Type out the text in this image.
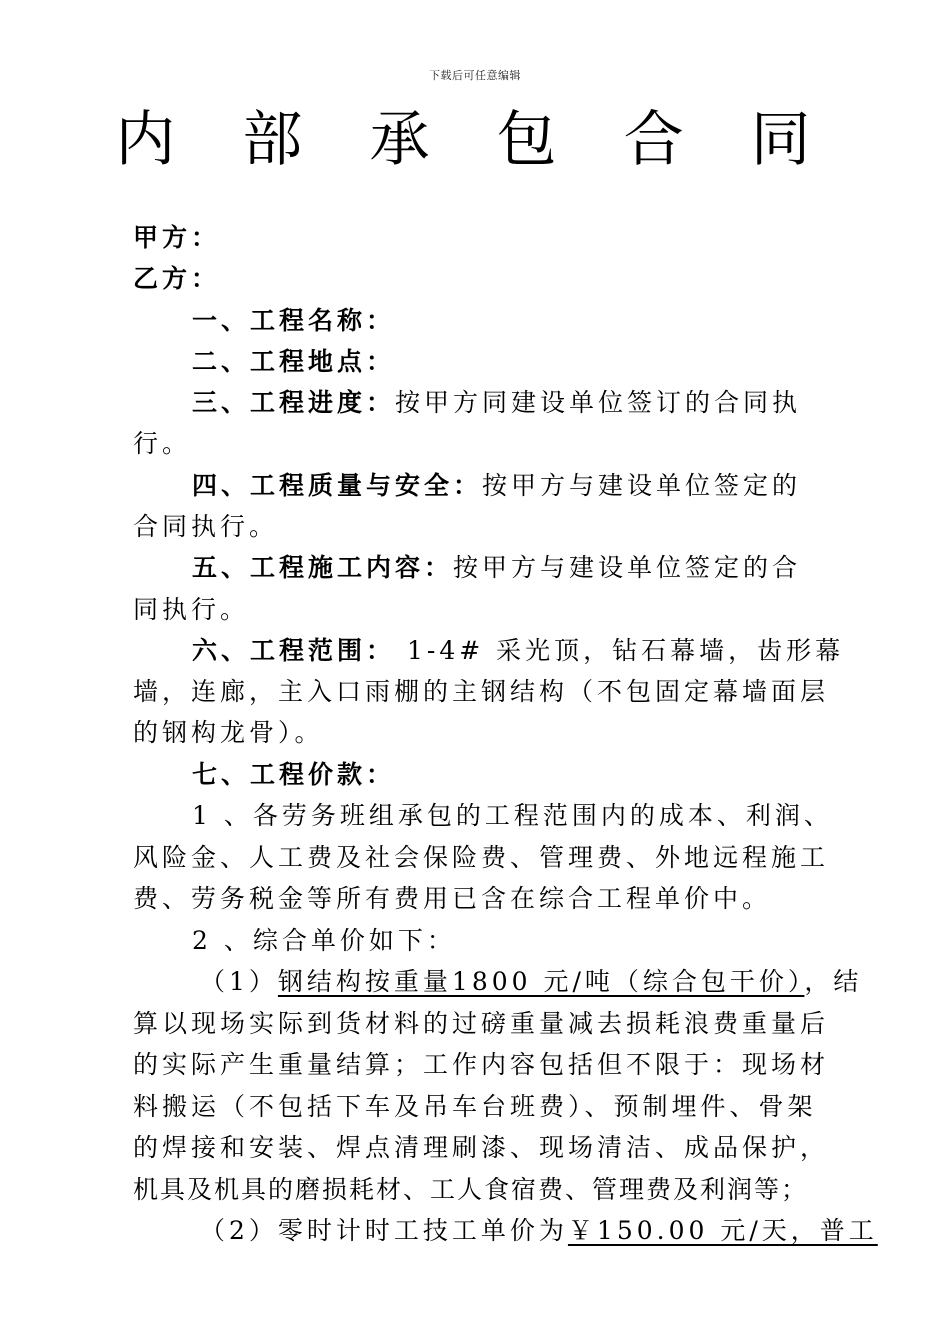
下载后可任意编辑
内 部 承 包 合 同
甲方：
乙方：
一、工程名称：
二、工程地点：
三、工程进度：按甲方同建设单位签订的合同执
行。
四、工程质量与安全：按甲方与建设单位签定的
合同执行。
五、工程施工内容：按甲方与建设单位签定的合
同执行。
六、工程范围： 1-4# 采光顶，钻石幕墙，齿形幕
墙，连廊，主入口雨棚的主钢结构（不包固定幕墙面层
的钢构龙骨）。
七、工程价款：
1 、各劳务班组承包的工程范围内的成本、利润、
风险金、人工费及社会保险费、管理费、外地远程施工
费、劳务税金等所有费用已含在综合工程单价中。
2 、综合单价如下：
（1）钢结构按重量1800 元/吨（综合包干价），结
算以现场实际到货材料的过磅重量减去损耗浪费重量后
的实际产生重量结算；工作内容包括但不限于：现场材
料搬运（不包括下车及吊车台班费）、预制埋件、骨架
的焊接和安装、焊点清理刷漆、现场清洁、成品保护，
机具及机具的磨损耗材、工人食宿费、管理费及利润等；
（2）零时计时工技工单价为￥150.00 元/天，普工
